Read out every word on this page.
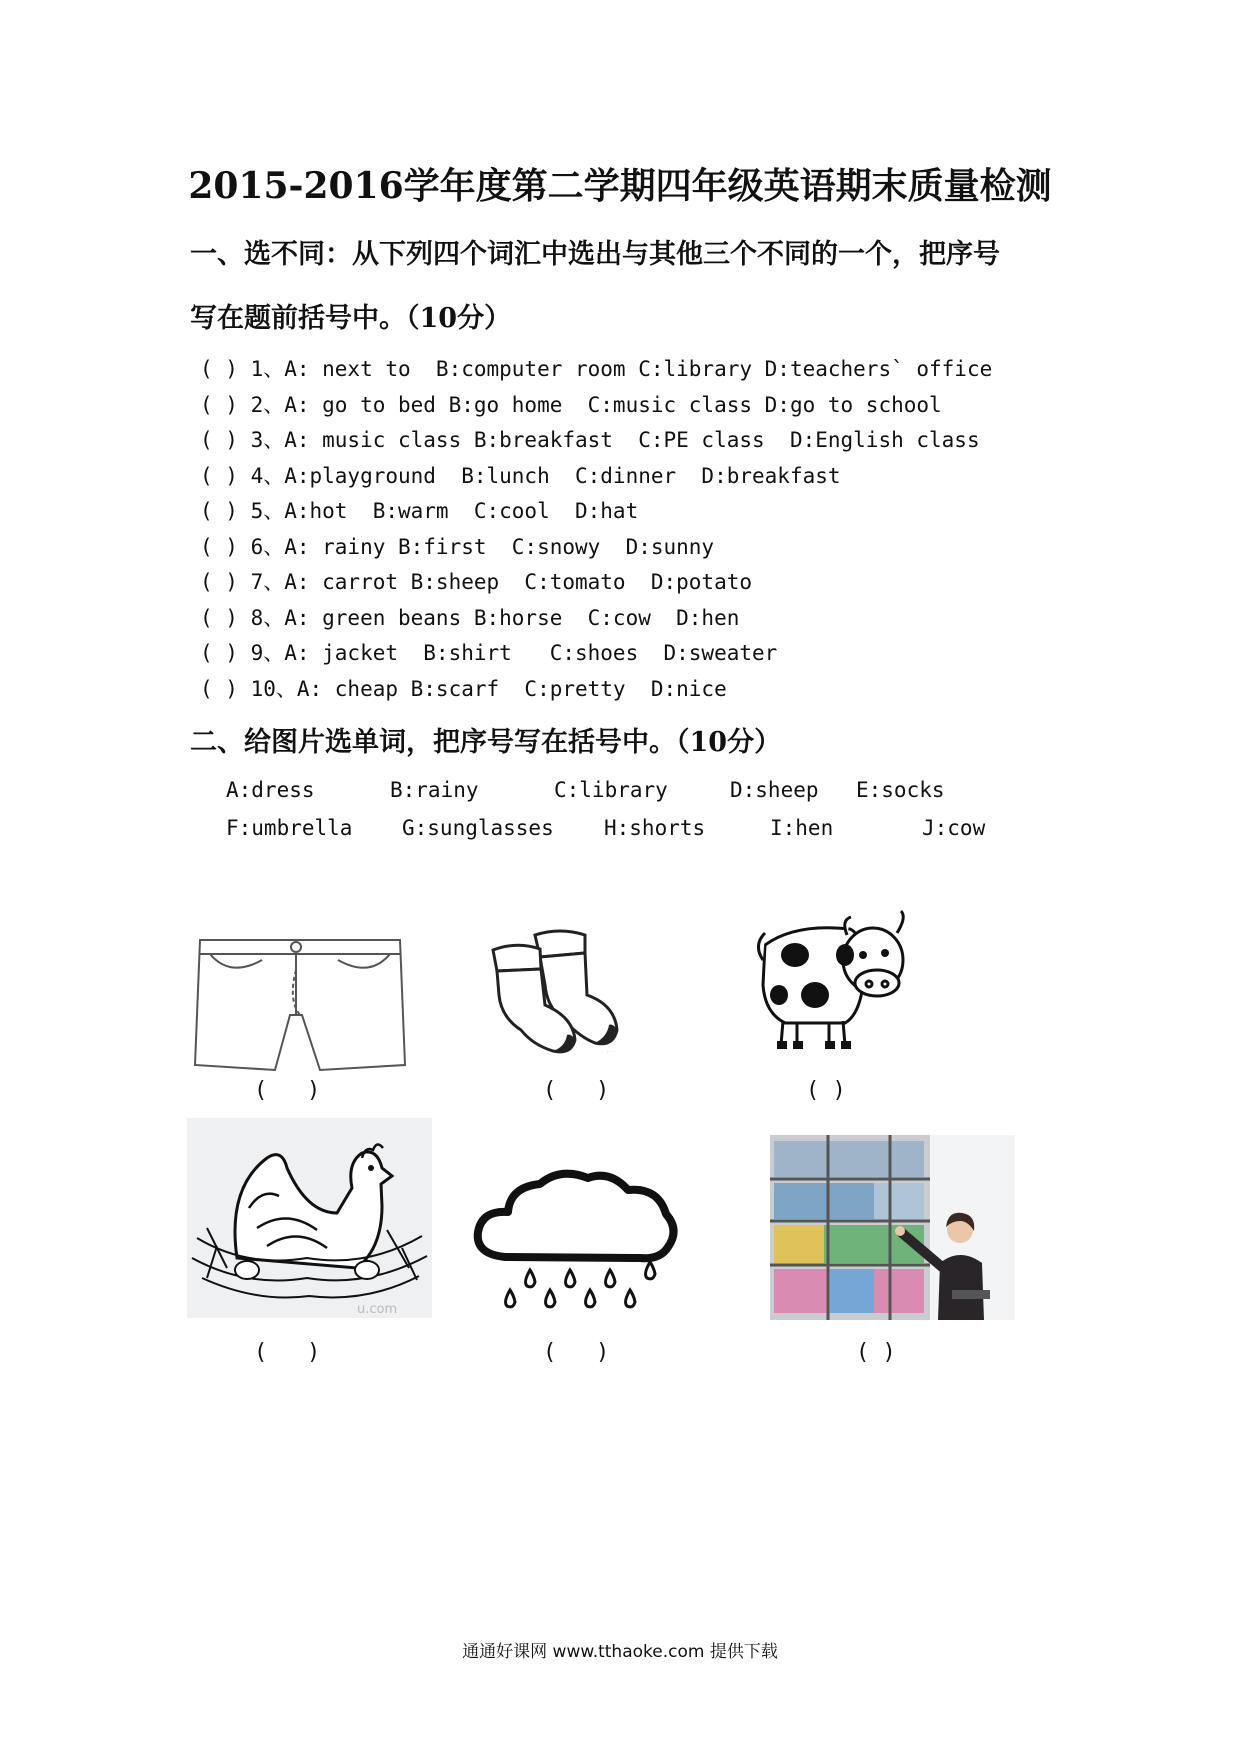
2015-2016学年度第二学期四年级英语期末质量检测
一、选不同：从下列四个词汇中选出与其他三个不同的一个，把序号
写在题前括号中。（10分）
( ) 1、A: next to  B:computer room C:library D:teachers` office
( ) 2、A: go to bed B:go home  C:music class D:go to school
( ) 3、A: music class B:breakfast  C:PE class  D:English class
( ) 4、A:playground  B:lunch  C:dinner  D:breakfast
( ) 5、A:hot  B:warm  C:cool  D:hat
( ) 6、A: rainy B:first  C:snowy  D:sunny
( ) 7、A: carrot B:sheep  C:tomato  D:potato
( ) 8、A: green beans B:horse  C:cow  D:hen
( ) 9、A: jacket  B:shirt   C:shoes  D:sweater
( ) 10、A: cheap B:scarf  C:pretty  D:nice
二、给图片选单词，把序号写在括号中。（10分）
A:dress	B:rainy	C:library	D:sheep E:socks
F:umbrella G:sunglasses H:shorts	I:hen	J:cow
(   )
· · ·
(   )	( )
u.com
(   )	(   )	( )
通通好课网 www.tthaoke.com 提供下载
